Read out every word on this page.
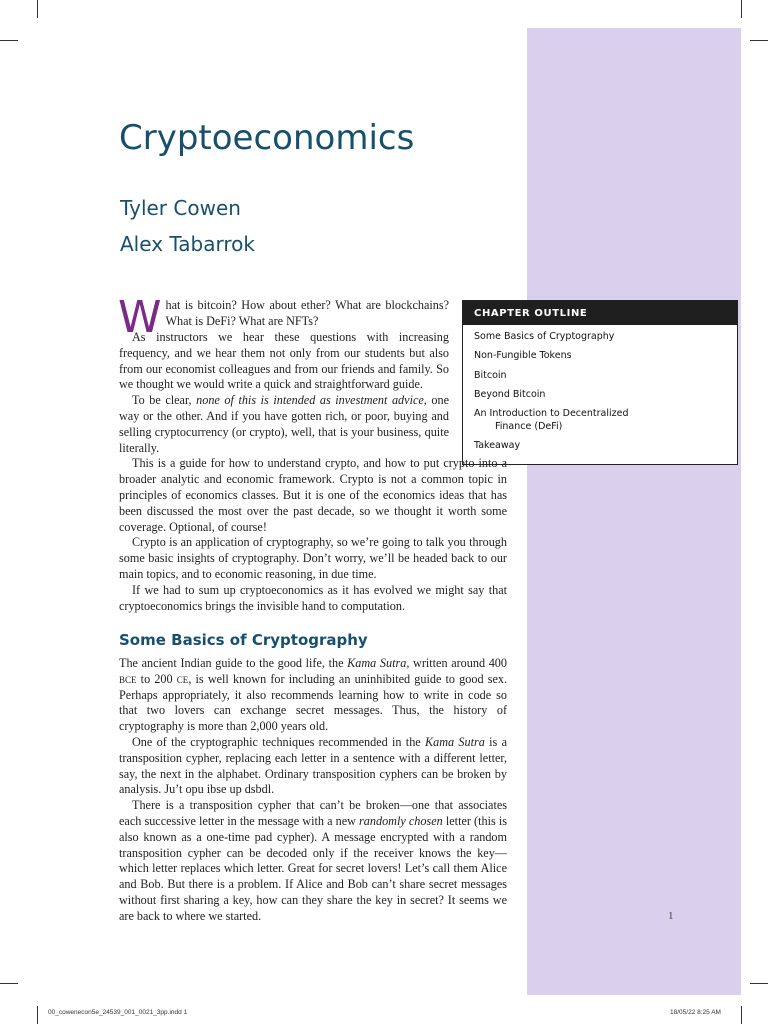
Cryptoeconomics
Tyler Cowen
Alex Tabarrok
CHAPTER OUTLINE
Some Basics of Cryptography
Non-Fungible Tokens
Bitcoin
Beyond Bitcoin
An Introduction to Decentralized
Finance (DeFi)
Takeaway

What is bitcoin? How about ether? What are blockchains? What is DeFi? What are NFTs?

As instructors we hear these questions with increasing frequency, and we hear them not only from our students but also from our economist colleagues and from our friends and family. So we thought we would write a quick and straightforward guide.

To be clear, none of this is intended as investment advice, one way or the other. And if you have gotten rich, or poor, buying and selling cryptocurrency (or crypto), well, that is your business, quite literally.

This is a guide for how to understand crypto, and how to put crypto into a broader analytic and economic framework. Crypto is not a common topic in principles of economics classes. But it is one of the economics ideas that has been discussed the most over the past decade, so we thought it worth some coverage. Optional, of course!

Crypto is an application of cryptography, so we’re going to talk you through some basic insights of cryptography. Don’t worry, we’ll be headed back to our main topics, and to economic reasoning, in due time.

If we had to sum up cryptoeconomics as it has evolved we might say that cryptoeconomics brings the invisible hand to computation.

Some Basics of Cryptography

The ancient Indian guide to the good life, the Kama Sutra, written around 400 bce to 200 ce, is well known for including an uninhibited guide to good sex. Perhaps appropriately, it also recommends learning how to write in code so that two lovers can exchange secret messages. Thus, the history of cryptography is more than 2,000 years old.

One of the cryptographic techniques recommended in the Kama Sutra is a transposition cypher, replacing each letter in a sentence with a different letter, say, the next in the alphabet. Ordinary transposition cyphers can be broken by analysis. Ju’t opu ibse up dsbdl.

There is a transposition cypher that can’t be broken—one that associates each successive letter in the message with a new randomly chosen letter (this is also known as a one-time pad cypher). A message encrypted with a random transposition cypher can be decoded only if the receiver knows the key—which letter replaces which letter. Great for secret lovers! Let’s call them Alice and Bob. But there is a problem. If Alice and Bob can’t share secret messages without first sharing a key, how can they share the key in secret? It seems we are back to where we started.	1
00_cowenecon5e_24539_001_0021_3pp.indd 1	18/05/22 8:25 AM
